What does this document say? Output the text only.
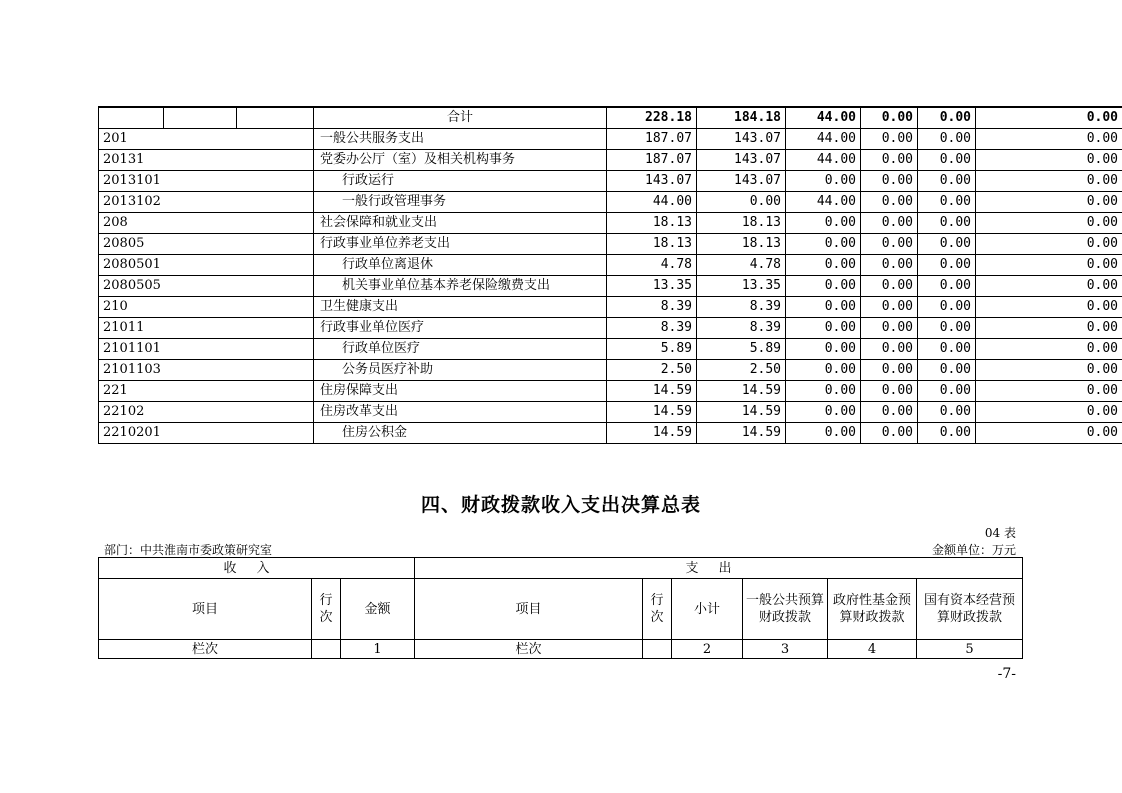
			合计	228.18	184.18	44.00	0.00	0.00	0.00
201			一般公共服务支出	187.07	143.07	44.00	0.00	0.00	0.00
20131			党委办公厅（室）及相关机构事务	187.07	143.07	44.00	0.00	0.00	0.00
2013101			行政运行	143.07	143.07	0.00	0.00	0.00	0.00
2013102			一般行政管理事务	44.00	0.00	44.00	0.00	0.00	0.00
208			社会保障和就业支出	18.13	18.13	0.00	0.00	0.00	0.00
20805			行政事业单位养老支出	18.13	18.13	0.00	0.00	0.00	0.00
2080501			行政单位离退休	4.78	4.78	0.00	0.00	0.00	0.00
2080505			机关事业单位基本养老保险缴费支出	13.35	13.35	0.00	0.00	0.00	0.00
210			卫生健康支出	8.39	8.39	0.00	0.00	0.00	0.00
21011			行政事业单位医疗	8.39	8.39	0.00	0.00	0.00	0.00
2101101			行政单位医疗	5.89	5.89	0.00	0.00	0.00	0.00
2101103			公务员医疗补助	2.50	2.50	0.00	0.00	0.00	0.00
221			住房保障支出	14.59	14.59	0.00	0.00	0.00	0.00
22102			住房改革支出	14.59	14.59	0.00	0.00	0.00	0.00
2210201			住房公积金	14.59	14.59	0.00	0.00	0.00	0.00
四、财政拨款收入支出决算总表
04 表
部门：中共淮南市委政策研究室	金额单位：万元
收入			支出					
项目	行次	金额	项目	行次	小计	一般公共预算财政拨款	政府性基金预算财政拨款	国有资本经营预算财政拨款
栏次		1	栏次		2	3	4	5
-7-
